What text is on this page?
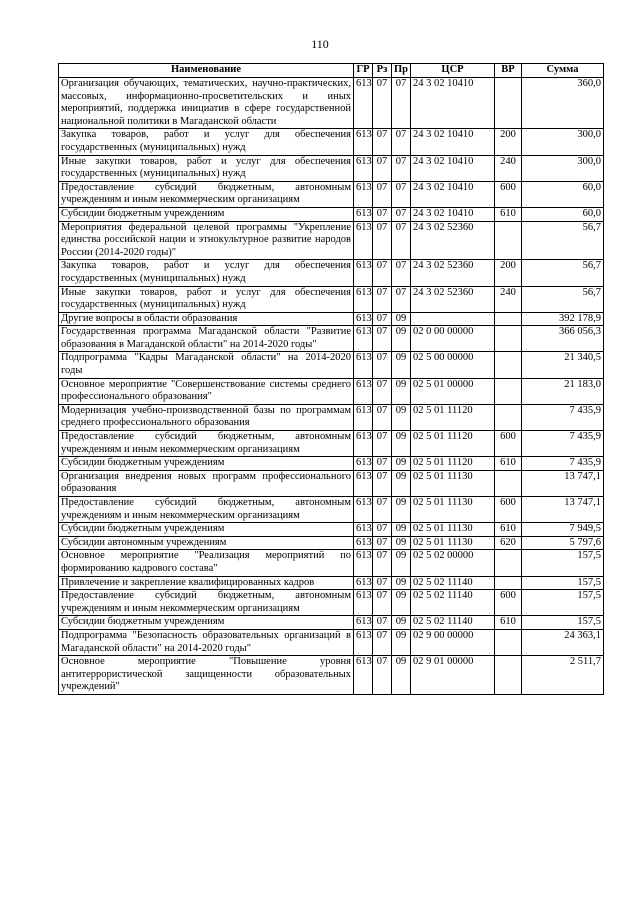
110
Наименование	ГР	Рз	Пр	ЦСР	ВР	Сумма
Организация обучающих, тематических, научно-практических, массовых, информационно-просветительских и иных мероприятий, поддержка инициатив в сфере государственной национальной политики в Магаданской области	613	07	07	24 3 02 10410		360,0
Закупка товаров, работ и услуг для обеспечения государственных (муниципальных) нужд	613	07	07	24 3 02 10410	200	300,0
Иные закупки товаров, работ и услуг для обеспечения государственных (муниципальных) нужд	613	07	07	24 3 02 10410	240	300,0
Предоставление субсидий бюджетным, автономным учреждениям и иным некоммерческим организациям	613	07	07	24 3 02 10410	600	60,0
Субсидии бюджетным учреждениям	613	07	07	24 3 02 10410	610	60,0
Мероприятия федеральной целевой программы "Укрепление единства российской нации и этнокультурное развитие народов России (2014-2020 годы)"	613	07	07	24 3 02 52360		56,7
Закупка товаров, работ и услуг для обеспечения государственных (муниципальных) нужд	613	07	07	24 3 02 52360	200	56,7
Иные закупки товаров, работ и услуг для обеспечения государственных (муниципальных) нужд	613	07	07	24 3 02 52360	240	56,7
Другие вопросы в области образования	613	07	09			392 178,9
Государственная программа Магаданской области "Развитие образования в Магаданской области" на 2014-2020 годы"	613	07	09	02 0 00 00000		366 056,3
Подпрограмма "Кадры Магаданской области" на 2014-2020 годы	613	07	09	02 5 00 00000		21 340,5
Основное мероприятие "Совершенствование системы среднего профессионального образования"	613	07	09	02 5 01 00000		21 183,0
Модернизация учебно-производственной базы по программам среднего профессионального образования	613	07	09	02 5 01 11120		7 435,9
Предоставление субсидий бюджетным, автономным учреждениям и иным некоммерческим организациям	613	07	09	02 5 01 11120	600	7 435,9
Субсидии бюджетным учреждениям	613	07	09	02 5 01 11120	610	7 435,9
Организация внедрения новых программ профессионального образования	613	07	09	02 5 01 11130		13 747,1
Предоставление субсидий бюджетным, автономным учреждениям и иным некоммерческим организациям	613	07	09	02 5 01 11130	600	13 747,1
Субсидии бюджетным учреждениям	613	07	09	02 5 01 11130	610	7 949,5
Субсидии автономным учреждениям	613	07	09	02 5 01 11130	620	5 797,6
Основное мероприятие "Реализация мероприятий по формированию кадрового состава"	613	07	09	02 5 02 00000		157,5
Привлечение и закрепление квалифицированных кадров	613	07	09	02 5 02 11140		157,5
Предоставление субсидий бюджетным, автономным учреждениям и иным некоммерческим организациям	613	07	09	02 5 02 11140	600	157,5
Субсидии бюджетным учреждениям	613	07	09	02 5 02 11140	610	157,5
Подпрограмма "Безопасность образовательных организаций в Магаданской области" на 2014-2020 годы"	613	07	09	02 9 00 00000		24 363,1
Основное мероприятие "Повышение уровня антитеррористической защищенности образовательных учреждений"	613	07	09	02 9 01 00000		2 511,7
